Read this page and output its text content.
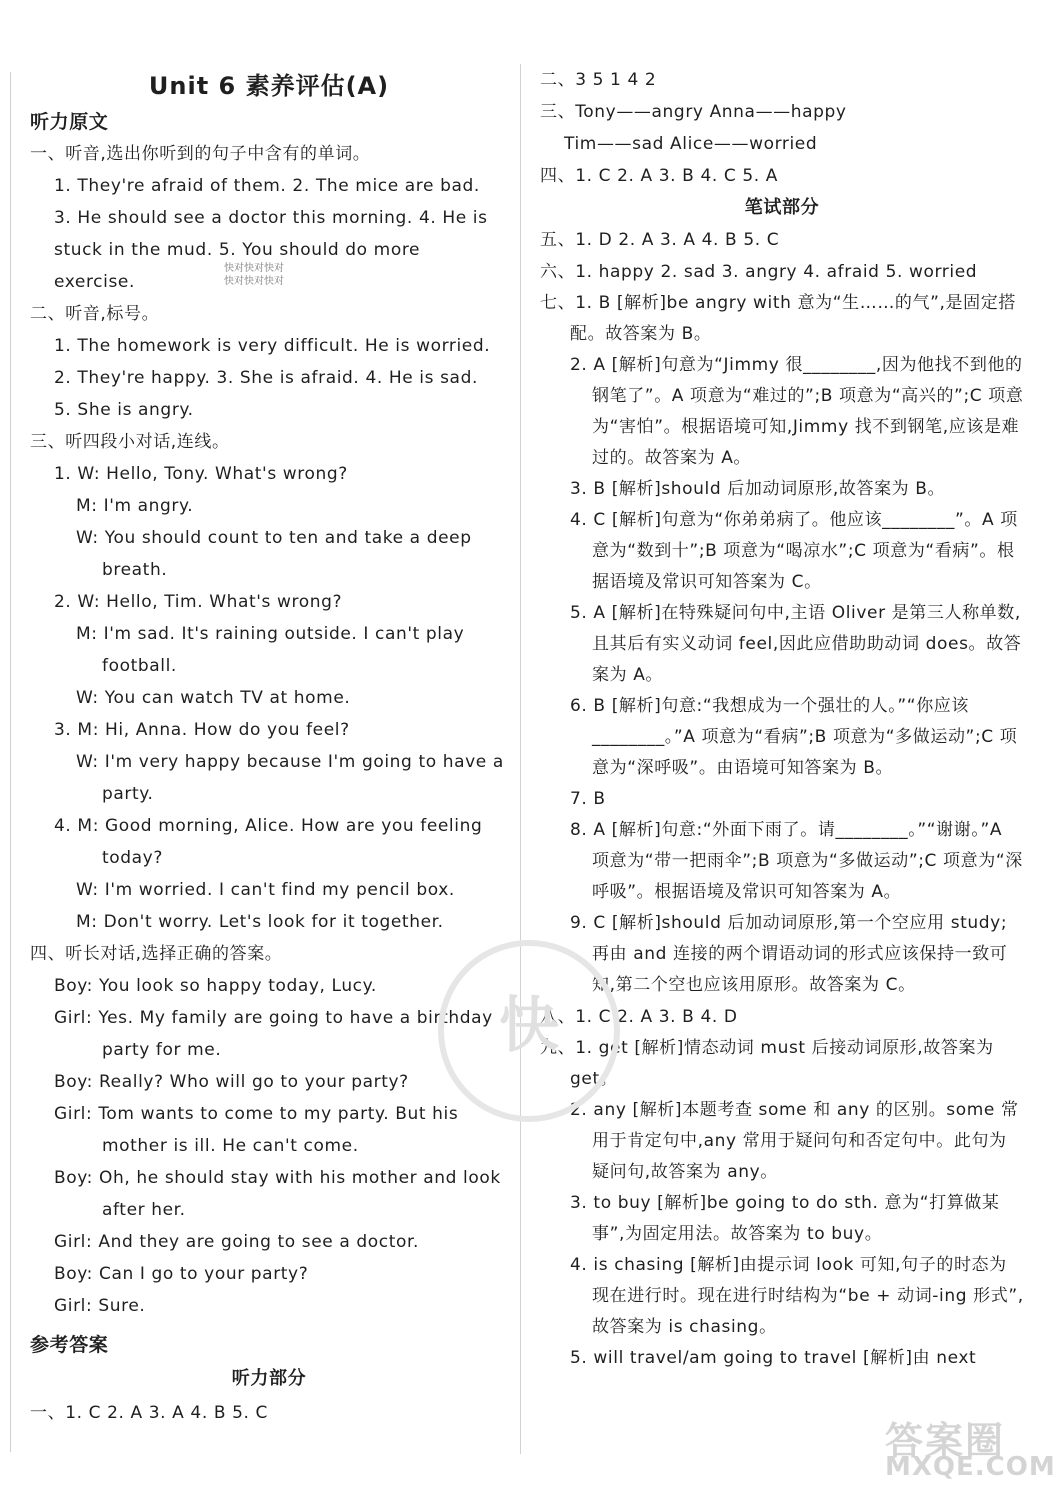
Unit 6 素养评估(A)
听力原文
一、听音,选出你听到的句子中含有的单词。
1. They're afraid of them. 2. The mice are bad.
3. He should see a doctor this morning. 4. He is
stuck in the mud. 5. You should do more
exercise.
二、听音,标号。
1. The homework is very difficult. He is worried.
2. They're happy. 3. She is afraid. 4. He is sad.
5. She is angry.
三、听四段小对话,连线。
1. W: Hello, Tony. What's wrong?
M: I'm angry.
W: You should count to ten and take a deep
breath.
2. W: Hello, Tim. What's wrong?
M: I'm sad. It's raining outside. I can't play
football.
W: You can watch TV at home.
3. M: Hi, Anna. How do you feel?
W: I'm very happy because I'm going to have a
party.
4. M: Good morning, Alice. How are you feeling
today?
W: I'm worried. I can't find my pencil box.
M: Don't worry. Let's look for it together.
四、听长对话,选择正确的答案。
Boy: You look so happy today, Lucy.
Girl: Yes. My family are going to have a birthday
party for me.
Boy: Really? Who will go to your party?
Girl: Tom wants to come to my party. But his
mother is ill. He can't come.
Boy: Oh, he should stay with his mother and look
after her.
Girl: And they are going to see a doctor.
Boy: Can I go to your party?
Girl: Sure.
参考答案
听力部分
一、1. C 2. A 3. A 4. B 5. C
快对快对快对
快对快对快对
二、3 5 1 4 2
三、Tony——angry Anna——happy
Tim——sad Alice——worried
四、1. C 2. A 3. B 4. C 5. A
笔试部分
五、1. D 2. A 3. A 4. B 5. C
六、1. happy 2. sad 3. angry 4. afraid 5. worried
七、1. B [解析]be angry with 意为“生……的气”,是固定搭配。故答案为 B。
2. A [解析]句意为“Jimmy 很________,因为他找不到他的钢笔了”。A 项意为“难过的”;B 项意为“高兴的”;C 项意为“害怕”。根据语境可知,Jimmy 找不到钢笔,应该是难过的。故答案为 A。
3. B [解析]should 后加动词原形,故答案为 B。
4. C [解析]句意为“你弟弟病了。他应该________”。A 项意为“数到十”;B 项意为“喝凉水”;C 项意为“看病”。根据语境及常识可知答案为 C。
5. A [解析]在特殊疑问句中,主语 Oliver 是第三人称单数,且其后有实义动词 feel,因此应借助助动词 does。故答案为 A。
6. B [解析]句意:“我想成为一个强壮的人。”“你应该________。”A 项意为“看病”;B 项意为“多做运动”;C 项意为“深呼吸”。由语境可知答案为 B。
7. B
8. A [解析]句意:“外面下雨了。请________。”“谢谢。”A 项意为“带一把雨伞”;B 项意为“多做运动”;C 项意为“深呼吸”。根据语境及常识可知答案为 A。
9. C [解析]should 后加动词原形,第一个空应用 study;再由 and 连接的两个谓语动词的形式应该保持一致可知,第二个空也应该用原形。故答案为 C。
八、1. C 2. A 3. B 4. D
九、1. get [解析]情态动词 must 后接动词原形,故答案为 get。
2. any [解析]本题考查 some 和 any 的区别。some 常用于肯定句中,any 常用于疑问句和否定句中。此句为疑问句,故答案为 any。
3. to buy [解析]be going to do sth. 意为“打算做某事”,为固定用法。故答案为 to buy。
4. is chasing [解析]由提示词 look 可知,句子的时态为现在进行时。现在进行时结构为“be + 动词-ing 形式”,故答案为 is chasing。
5. will travel/am going to travel [解析]由 next
快
答案圈
MXQE.COM
